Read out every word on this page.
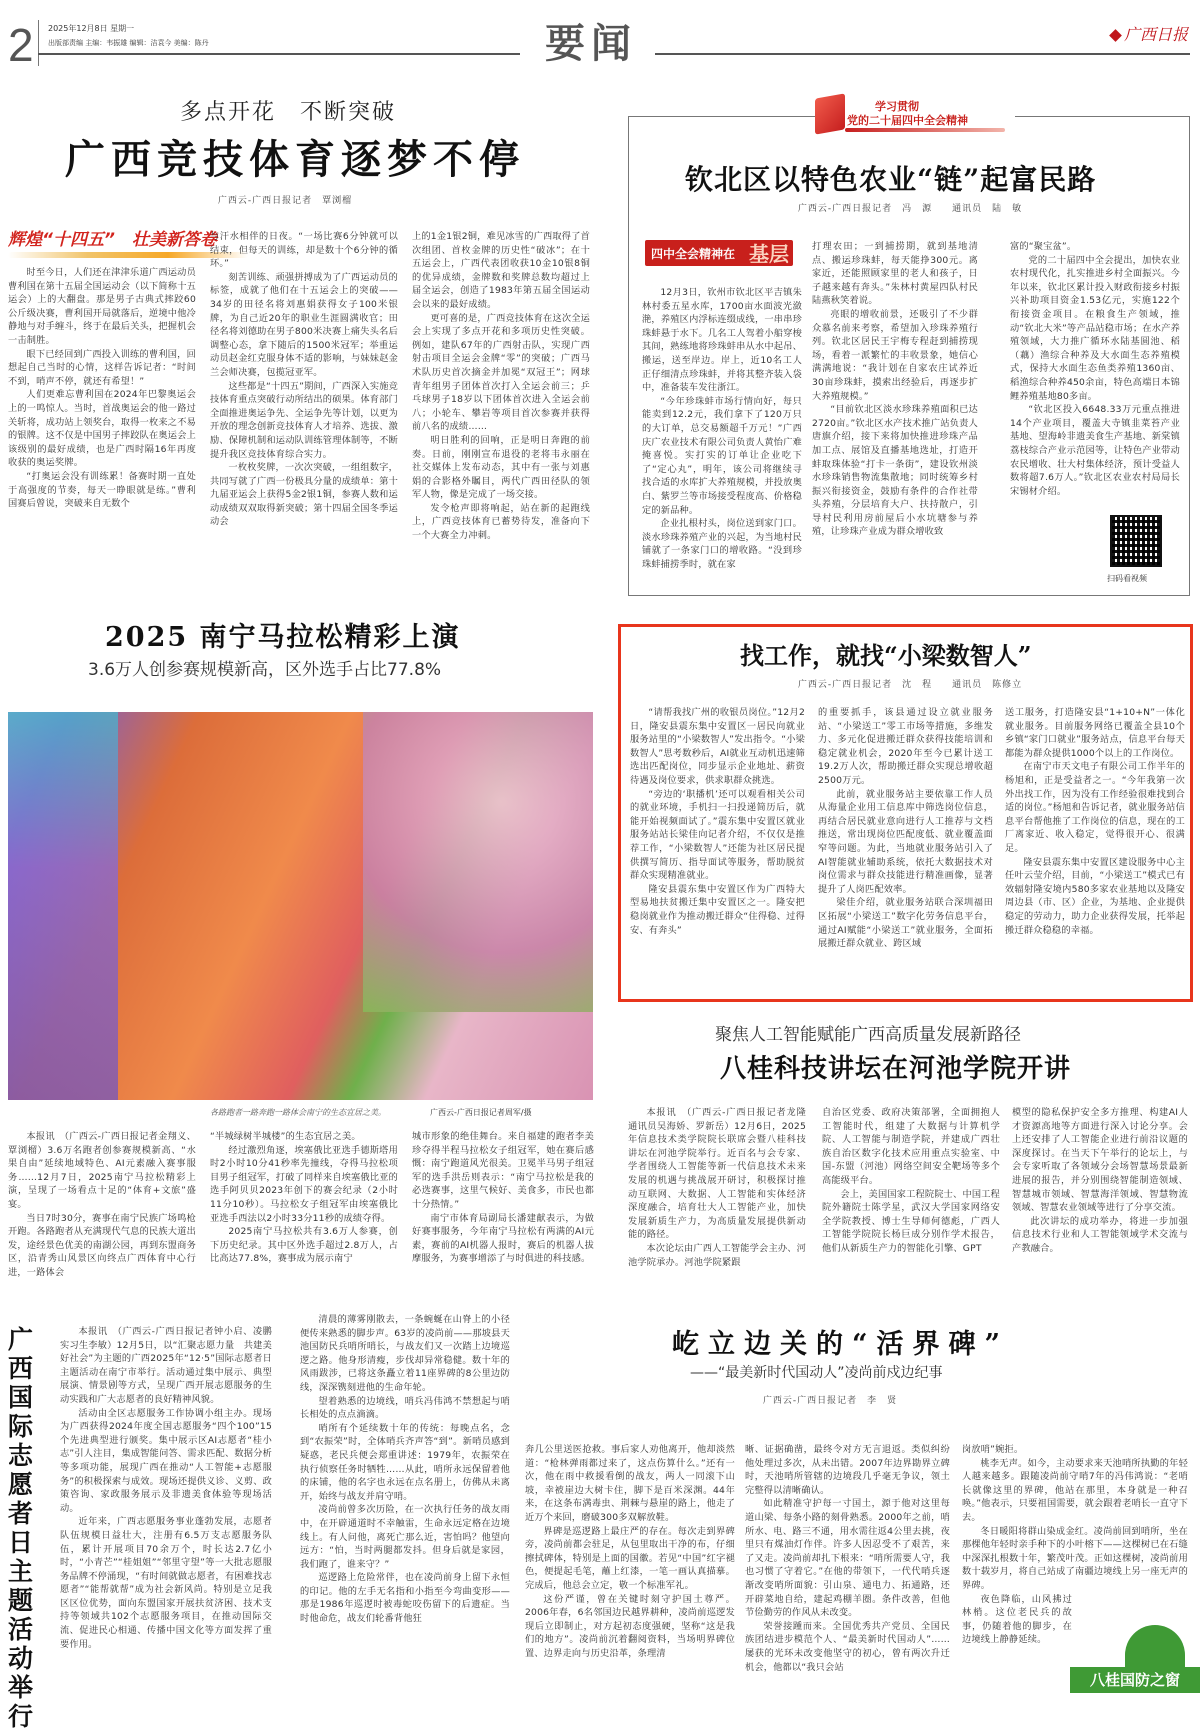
2 2025年12月8日 星期一
出版部责编 主编：韦振雄 编辑：洁袁今 美编：陈丹	要闻	广西日报
多点开花　不断突破
广西竞技体育逐梦不停
广西云-广西日报记者　覃浏榴
辉煌“十四五”　壮美新答卷

时至今日，人们还在津津乐道广西运动员曹利国在第十五届全国运动会（以下简称十五运会）上的大翻盘。那是男子古典式摔跤60公斤级决赛，曹利国开局就落后，逆境中他冷静地与对手缠斗，终于在最后关头，把握机会一击制胜。

眼下已经回到广西投入训练的曹利国，回想起自己当时的心情，这样告诉记者：“时间不到，哨声不停，就还有希望！”

人们更难忘曹利国在2024年巴黎奥运会上的一鸣惊人。当时，首战奥运会的他一路过关斩将，成功站上领奖台，取得一枚来之不易的银牌。这不仅是中国男子摔跤队在奥运会上该级别的最好成绩，也是广西时隔16年再度收获的奥运奖牌。

“打奥运会没有训练累！备赛时期一直处于高强度的节奏，每天一睁眼就是练。”曹利国赛后曾说，突破来自无数个

与汗水相伴的日夜。“一场比赛6分钟就可以结束，但每天的训练，却是数十个6分钟的循环。”

刻苦训练、顽强拼搏成为了广西运动员的标签，成就了他们在十五运会上的突破——34岁的田径名将刘惠娟获得女子100米银牌，为自己近20年的职业生涯圆满收官；田径名将刘德助在男子800米决赛上痛失头名后调整心态，拿下随后的1500米冠军；举重运动员赵金红克服身体不适的影响，与妹妹赵金兰会师决赛，包揽冠亚军。

这些都是“十四五”期间，广西深入实施竞技体育重点突破行动所结出的硕果。体育部门全面推进奥运争先、全运争先等计划，以更为开放的理念创新竞技体育人才培养、选拔、激励、保障机制和运动队训练管理体制等，不断提升我区竞技体育综合实力。

一枚枚奖牌，一次次突破，一组组数字，共同写就了广西一份极具分量的成绩单：第十九届亚运会上获得5金2银1铜，参赛人数和运动成绩双双取得新突破；第十四届全国冬季运动会

上的1金1银2铜，难见冰雪的广西取得了首次组团、首枚金牌的历史性“破冰”；在十五运会上，广西代表团收获10金10银8铜的优异成绩，金牌数和奖牌总数均超过上届全运会，创造了1983年第五届全国运动会以来的最好成绩。

更可喜的是，广西竞技体育在这次全运会上实现了多点开花和多项历史性突破。例如，建队67年的广西射击队，实现广西射击项目全运会金牌“零”的突破；广西马术队历史首次摘金并加冕“双冠王”；网球青年组男子团体首次打入全运会前三；乒乓球男子18岁以下团体首次进入全运会前八；小轮车、攀岩等项目首次参赛并获得前八名的成绩……

明日胜利的回响，正是明日奔跑的前奏。日前，刚刚宣布退役的老将韦永丽在社交媒体上发布动态，其中有一张与刘惠娟的合影格外瞩目，两代广西田径队的领军人物，像是完成了一场交接。

发令枪声即将响起，站在新的起跑线上，广西竞技体育已蓄势待发，准备向下一个大赛全力冲刺。

学习贯彻
党的二十届四中全会精神
钦北区以特色农业“链”起富民路
广西云-广西日报记者　冯　源　　通讯员　陆　敏
四中全会精神在 基层

12月3日，钦州市钦北区平吉镇朱林村委五星水库，1700亩水面波光潋滟，养殖区内浮标连缀成线，一串串珍珠蚌悬于水下。几名工人驾着小船穿梭其间，熟练地将珍珠蚌串从水中起吊、搬运，送至岸边。岸上，近10名工人正仔细清点珍珠蚌，并将其整齐装入袋中，准备装车发往浙江。

“今年珍珠蚌市场行情向好，每只能卖到12.2元，我们拿下了120万只的大订单，总交易额超千万元！”广西庆广农业技术有限公司负责人黄怡广难掩喜悦。实打实的订单让企业吃下了“定心丸”，明年，该公司将继续寻找合适的水库扩大养殖规模，并投放奥白、紫罗兰等市场接受程度高、价格稳定的新品种。

企业扎根村头，岗位送到家门口。淡水珍珠养殖产业的兴起，为当地村民铺就了一条家门口的增收路。“没到珍珠蚌捕捞季时，就在家

打理农田；一到捕捞期，就到基地清点、搬运珍珠蚌，每天能挣300元。离家近，还能照顾家里的老人和孩子，日子越来越有奔头。”朱林村黄屋四队村民陆燕秋笑着说。

亮眼的增收前景，还吸引了不少群众慕名前来考察，希望加入珍珠养殖行列。钦北区居民王宇梅专程赶到捕捞现场，看着一派繁忙的丰收景象，她信心满满地说：“我计划在自家农庄试养近30亩珍珠蚌，摸索出经验后，再逐步扩大养殖规模。”

“目前钦北区淡水珍珠养殖面积已达2720亩。”钦北区水产技术推广站负责人唐旗介绍，接下来将加快推进珍珠产品加工点、展馆及直播基地选址，打造开蚌取珠体验“打卡一条街”，建设钦州淡水珍珠销售物流集散地；同时统筹乡村振兴衔接资金，鼓励有条件的合作社带头养殖，分层培育大户、扶持散户，引导村民利用房前屋后小水坑塘参与养殖，让珍珠产业成为群众增收致

富的“聚宝盆”。

党的二十届四中全会提出，加快农业农村现代化，扎实推进乡村全面振兴。今年以来，钦北区累计投入财政衔接乡村振兴补助项目资金1.53亿元，实施122个衔接资金项目。在粮食生产领域，推动“钦北大米”等产品站稳市场；在水产养殖领域，大力推广循环水陆基圆池、稻（藕）渔综合种养及大水面生态养殖模式，保持大水面生态鱼类养殖1360亩、稻渔综合种养450余亩，特色高端日本锦鲤养殖基地80多亩。

“钦北区投入6648.33万元重点推进14个产业项目，覆盖大寺镇韭菜苔产业基地、望海岭非遗美食生产基地、新棠镇荔枝综合产业示范园等，让特色产业带动农民增收、壮大村集体经济，预计受益人数将超7.6万人。”钦北区农业农村局局长宋锡材介绍。

扫码看视频
2025 南宁马拉松精彩上演
3.6万人创参赛规模新高，区外选手占比77.8%
各路跑者一路奔跑一路体会南宁的生态宜居之美。	广西云-广西日报记者周军/摄

本报讯　（广西云-广西日报记者金翔义、覃浏榴）3.6万名跑者创参赛规模新高、“水果自由”延续地域特色、AI元素融入赛事服务……12月7日，2025南宁马拉松精彩上演，呈现了一场看点十足的“体育+文旅”盛宴。

当日7时30分，赛事在南宁民族广场鸣枪开跑。各路跑者从充满现代气息的民族大道出发，途经景色优美的南湖公园，再到东盟商务区，沿青秀山风景区向终点广西体育中心行进，一路体会

“半城绿树半城楼”的生态宜居之美。

经过激烈角逐，埃塞俄比亚选手德斯塔用时2小时10分41秒率先撞线，夺得马拉松项目男子组冠军，打破了同样来自埃塞俄比亚的选手阿贝贝2023年创下的赛会纪录（2小时11分10秒）。马拉松女子组冠军由埃塞俄比亚选手西法以2小时33分11秒的成绩夺得。

2025南宁马拉松共有3.6万人参赛，创下历史纪录。其中区外选手超过2.8万人，占比高达77.8%，赛事成为展示南宁

城市形象的绝佳舞台。来自福建的跑者李美珍夺得半程马拉松女子组冠军，她在赛后感慨：南宁跑道风光很美。卫冕半马男子组冠军的选手洪岳则表示：“南宁马拉松是我的必选赛事，这里气候好、美食多，市民也都十分热情。”

南宁市体育局副局长潘建献表示，为做好赛事服务，今年南宁马拉松有两满的AI元素，赛前的AI机器人报时，赛后的机器人拔摩服务，为赛事增添了与时俱进的科技感。

找工作，就找“小梁数智人”
广西云-广西日报记者　沈　程　　通讯员　陈修立

“请帮我找广州的收银员岗位。”12月2日，隆安县震东集中安置区一居民向就业服务站里的“小梁数智人”发出指令。“小梁数智人”思考数秒后，AI就业互动机迅速筛选出匹配岗位，同步显示企业地址、薪资待遇及岗位要求，供求职群众挑选。

“旁边的‘职播机’还可以观看相关公司的就业环境，手机扫一扫投递简历后，就能开始视频面试了。”震东集中安置区就业服务站站长梁佳向记者介绍，不仅仅是推荐工作，“小梁数智人”还能为社区居民提供撰写简历、指导面试等服务，帮助脱贫群众实现精准就业。

隆安县震东集中安置区作为广西特大型易地扶贫搬迁集中安置区之一。隆安把稳岗就业作为推动搬迁群众“住得稳、过得安、有奔头”

的重要抓手，该县通过设立就业服务站、“小梁送工”零工市场等措施，多维发力、多元化促进搬迁群众获得技能培训和稳定就业机会，2020年至今已累计送工19.2万人次，帮助搬迁群众实现总增收超2500万元。

此前，就业服务站主要依靠工作人员从海量企业用工信息库中筛选岗位信息，再结合居民就业意向进行人工推荐与文档推送，常出现岗位匹配度低、就业覆盖面窄等问题。为此，当地就业服务站引入了AI智能就业辅助系统，依托大数据技术对岗位需求与群众技能进行精准画像，显著提升了人岗匹配效率。

梁佳介绍，就业服务站联合深圳福田区拓展“小梁送工”数字化劳务信息平台，通过AI赋能“小梁送工”就业服务，全面拓展搬迁群众就业、跨区域

送工服务，打造隆安县“1+10+N”一体化就业服务。目前服务网络已覆盖全县10个乡镇“家门口就业”服务站点，信息平台每天都能为群众提供1000个以上的工作岗位。

在南宁市天文电子有限公司工作半年的杨旭和，正是受益者之一。“今年我第一次外出找工作，因为没有工作经验很难找到合适的岗位。”杨旭和告诉记者，就业服务站信息平台帮他推了工作岗位的信息，现在的工厂离家近、收入稳定，觉得很开心、很满足。

隆安县震东集中安置区建设服务中心主任叶云莹介绍，目前，“小梁送工”模式已有效辐射隆安境内580多家农业基地以及隆安周边县（市、区）企业，为基地、企业提供稳定的劳动力，助力企业获得发展，托举起搬迁群众稳稳的幸福。

聚焦人工智能赋能广西高质量发展新路径
八桂科技讲坛在河池学院开讲

本报讯　（广西云-广西日报记者龙隆　通讯员吴海娇、罗新岳）12月6日，2025年信息技术类学院院长联席会暨八桂科技讲坛在河池学院举行。近百名与会专家、学者围绕人工智能等新一代信息技术未来发展的机遇与挑战展开研讨，积极探讨推动互联网、大数据、人工智能和实体经济深度融合，培育壮大人工智能产业，加快发展新质生产力，为高质量发展提供新动能的路径。

本次论坛由广西人工智能学会主办、河池学院承办。河池学院紧跟

自治区党委、政府决策部署，全面拥抱人工智能时代，组建了大数据与计算机学院、人工智能与制造学院，并建成广西壮族自治区数字化技术应用重点实验室、中国-东盟（河池）网络空间安全靶场等多个高能级平台。

会上，美国国家工程院院士、中国工程院外籍院士陈学星，武汉大学国家网络安全学院教授、博士生导师何德彪，广西人工智能学院院长杨巨成分别作学术报告，他们从新质生产力的智能化引擎、GPT

模型的隐私保护安全多方推理、构建AI人才资源高地等方面进行深入讨论分享。会上还安排了人工智能企业进行前沿议题的深度探讨。在当天下午举行的论坛上，与会专家听取了各领域分会场智慧场景最新进展的报告，并分别围绕智能制造领域、智慧城市领域、智慧海洋领域、智慧物流领域、智慧农业领域等进行了分享交流。

此次讲坛的成功举办，将进一步加强信息技术行业和人工智能领域学术交流与产教融合。

广西国际志愿者日主题活动举行

本报讯　（广西云-广西日报记者钟小启、凌鹏　实习生李敏）12月5日，以“汇聚志愿力量　共建美好社会”为主题的广西2025年“12·5”国际志愿者日主题活动在南宁市举行。活动通过集中展示、典型展演、情景剧等方式，呈现广西开展志愿服务的生动实践和广大志愿者的良好精神风貌。

活动由全区志愿服务工作协调小组主办。现场为广西获得2024年度全国志愿服务“四个100”15个先进典型进行颁奖。集中展示区AI志愿者“桂小志”引人注目，集成智能问答、需求匹配、数据分析等多项功能，展现广西在推动“人工智能+志愿服务”的积极探索与成效。现场还提供义诊、义剪、政策咨询、家政服务展示及非遗美食体验等现场活动。

近年来，广西志愿服务事业蓬勃发展，志愿者队伍规模日益壮大，注册有6.5万支志愿服务队伍，累计开展项目70余万个，时长达2.7亿小时，“小青芒”“桂姐姐”“邻里守望”等一大批志愿服务品牌不停涌现，“有时间就做志愿者，有困难找志愿者”“能帮就帮”成为社会新风尚。特别是立足我区区位优势，面向东盟国家开展扶贫济困、技术支持等领域共102个志愿服务项目，在推动国际交流、促进民心相通、传播中国文化等方面发挥了重要作用。

屹立边关的“活界碑”
——“最美新时代国动人”凌尚前戍边纪事
广西云-广西日报记者　李　贤

清晨的薄雾刚散去，一条蜿蜒在山脊上的小径便传来熟悉的脚步声。63岁的凌尚前——那坡县天池国防民兵哨所哨长，与战友们又一次踏上边境巡逻之路。他身形清瘦，步伐却异常稳健。数十年的风雨跋涉，已将这条矗立着11座界碑的8公里边防线，深深镌刻进他的生命年轮。

望着熟悉的边境线，哨兵冯伟鸿不禁想起与哨长相处的点点滴滴。

哨所有个延续数十年的传统：每晚点名，念到“农振荣”时，全体哨兵齐声答“到”。新哨员感到疑惑，老民兵便会郑重讲述：1979年，农振荣在执行侦察任务时牺牲……从此，哨所永远保留着他的床铺，他的名字也永远在点名册上，仿佛从未离开，始终与战友并肩守哨。

凌尚前曾多次历险，在一次执行任务的战友雨中，在开辟通道时不幸触雷，生命永远定格在边境线上。有人问他，离死亡那么近，害怕吗？他望向远方：“怕，当时两腿都发抖。但身后就是家园，我们跑了，谁来守？”

巡逻路上危险常伴，也在凌尚前身上留下永恒的印记。他的左手无名指和小指至今弯曲变形——那是1986年巡逻时被毒蛇咬伤留下的后遗症。当时他命危，战友们轮番背他狂

奔几公里送医抢救。事后家人劝他离开，他却淡然道：“枪林弹雨都过来了，这点伤算什么。”还有一次，他在雨中救援看倒的战友，两人一同滚下山坡，幸被崖边大树卡住，脚下是百米深渊。44年来，在这条布满毒虫、荆棘与悬崖的路上，他走了近万个来回，磨破300多双解放鞋。

界碑是巡逻路上最庄严的存在。每次走到界碑旁，凌尚前都会驻足，从包里取出干净的布，仔细擦拭碑体，特别是上面的国徽。若见“中国”红字褪色，便提起毛笔，蘸上红漆，一笔一画认真描摹。完成后，他总会立定，敬一个标准军礼。

这份严谨，曾在关键时刻守护国土尊严。2006年春，6名邻国边民越界耕种，凌尚前巡逻发现后立即制止，对方起初态度强硬，坚称“这是我们的地方”。凌尚前沉着翻阅资料，当场明界碑位置、边界走向与历史沿革，条理清

晰、证据确凿，最终令对方无言退返。类似纠纷他处理过多次，从未出错。2007年边界勘界立碑时，天池哨所管辖的边境段几乎毫无争议，领土完整得以清晰确认。

如此精准守护每一寸国土，源于他对这里每道山梁、每条小路的刻骨熟悉。2000年之前，哨所水、电、路三不通，用水需往返4公里去挑，夜里只有煤油灯作伴。许多人因忍受不了艰苦，来了又走。凌尚前却扎下根来：“哨所需要人守，我也习惯了守着它。”在他的带领下，一代代哨兵逐渐改变哨所面貌：引山泉、通电力、拓通路，还开辟菜地自给，建起鸡棚羊圈。条件改善，但他节俭勤劳的作风从未改变。

荣誉接踵而来。全国优秀共产党员、全国民族团结进步模范个人、“最美新时代国动人”……屡获的光环未改变他坚守的初心，曾有两次升迁机会，他都以“我只会站

岗放哨”婉拒。

桃李无声。如今，主动要求来天池哨所执勤的年轻人越来越多。跟随凌尚前守哨7年的冯伟鸿说：“老哨长就像这里的界碑，他站在那里，本身就是一种召唤。”他表示，只要祖国需要，就会跟着老哨长一直守下去。

冬日暖阳将群山染成金红。凌尚前回到哨所，坐在那棵他年轻时亲手种下的小叶榕下——这棵树已在石缝中深深扎根数十年，繁茂叶茂。正如这棵树，凌尚前用数十载岁月，将自己站成了南疆边境线上另一座无声的界碑。

夜色降临，山风拂过林梢。这位老民兵的故事，仍随着他的脚步，在边境线上静静延续。

八桂国防之窗
